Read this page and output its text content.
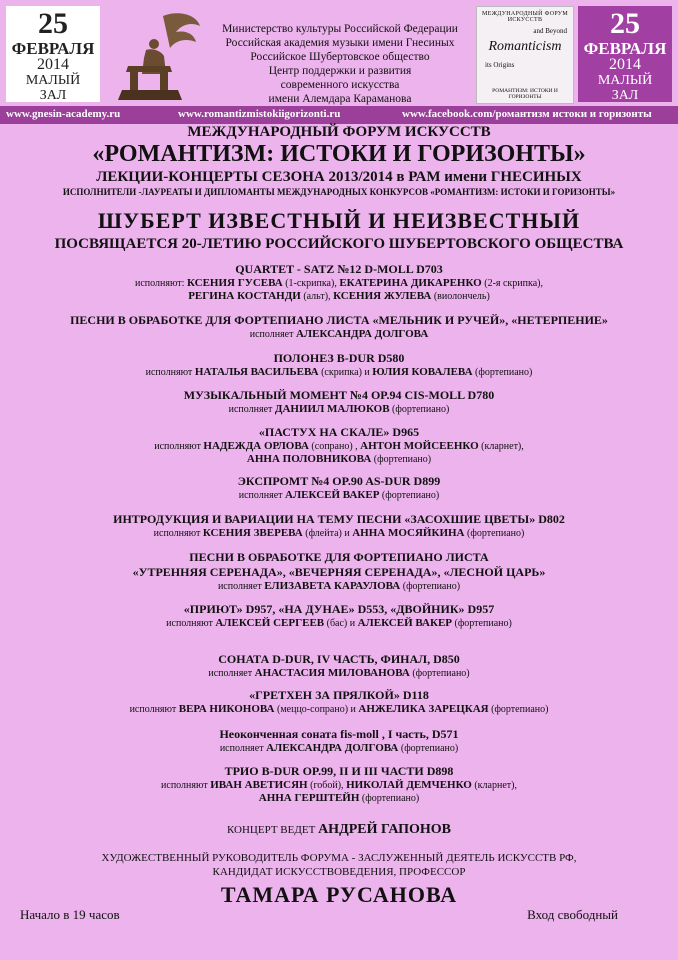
25
ФЕВРАЛЯ
2014
МАЛЫЙ
ЗАЛ
25
ФЕВРАЛЯ
2014
МАЛЫЙ
ЗАЛ
Министерство культуры Российской Федерации
Российская академия музыки имени Гнесиных
Российское Шубертовское общество
Центр поддержки и развития
современного искусства
имени Алемдара Караманова
МЕЖДУНАРОДНЫЙ ФОРУМ ИСКУССТВ
and Beyond
Romanticism
its Origins
РОМАНТИЗМ: ИСТОКИ И ГОРИЗОНТЫ
www.gnesin-academy.ru	www.romantizmistokiigorizonti.ru	www.facebook.com/романтизм истоки и горизонты
МЕЖДУНАРОДНЫЙ ФОРУМ ИСКУССТВ
«РОМАНТИЗМ: ИСТОКИ И ГОРИЗОНТЫ»
ЛЕКЦИИ-КОНЦЕРТЫ СЕЗОНА 2013/2014 в РАМ имени ГНЕСИНЫХ
ИСПОЛНИТЕЛИ -ЛАУРЕАТЫ И ДИПЛОМАНТЫ МЕЖДУНАРОДНЫХ КОНКУРСОВ «РОМАНТИЗМ: ИСТОКИ И ГОРИЗОНТЫ»
ШУБЕРТ ИЗВЕСТНЫЙ И НЕИЗВЕСТНЫЙ
ПОСВЯЩАЕТСЯ 20-ЛЕТИЮ РОССИЙСКОГО ШУБЕРТОВСКОГО ОБЩЕСТВА
QUARTET - SATZ №12 D-MOLL D703
исполняют: КСЕНИЯ ГУСЕВА (1-скрипка), ЕКАТЕРИНА ДИКАРЕНКО (2-я скрипка),
РЕГИНА КОСТАНДИ (альт), КСЕНИЯ ЖУЛЕВА (виолончель)
ПЕСНИ В ОБРАБОТКЕ ДЛЯ ФОРТЕПИАНО ЛИСТА «МЕЛЬНИК И РУЧЕЙ», «НЕТЕРПЕНИЕ»
исполняет АЛЕКСАНДРА ДОЛГОВА
ПОЛОНЕЗ B-DUR D580
исполняют НАТАЛЬЯ ВАСИЛЬЕВА (скрипка) и ЮЛИЯ КОВАЛЕВА (фортепиано)
МУЗЫКАЛЬНЫЙ МОМЕНТ №4 OP.94 CIS-MOLL D780
исполняет ДАНИИЛ МАЛЮКОВ (фортепиано)
«ПАСТУХ НА СКАЛЕ» D965
исполняют НАДЕЖДА ОРЛОВА (сопрано) , АНТОН МОЙСЕЕНКО (кларнет),
АННА ПОЛОВНИКОВА (фортепиано)
ЭКСПРОМТ №4 OP.90 AS-DUR D899
исполняет АЛЕКСЕЙ ВАКЕР (фортепиано)
ИНТРОДУКЦИЯ И ВАРИАЦИИ НА ТЕМУ ПЕСНИ «ЗАСОХШИЕ ЦВЕТЫ» D802
исполняют КСЕНИЯ ЗВЕРЕВА (флейта) и АННА МОСЯЙКИНА (фортепиано)
ПЕСНИ В ОБРАБОТКЕ ДЛЯ ФОРТЕПИАНО ЛИСТА
«УТРЕННЯЯ СЕРЕНАДА», «ВЕЧЕРНЯЯ СЕРЕНАДА», «ЛЕСНОЙ ЦАРЬ»
исполняет ЕЛИЗАВЕТА КАРАУЛОВА (фортепиано)
«ПРИЮТ» D957, «НА ДУНАЕ» D553, «ДВОЙНИК» D957
исполняют АЛЕКСЕЙ СЕРГЕЕВ (бас) и АЛЕКСЕЙ ВАКЕР (фортепиано)
СОНАТА D-DUR, IV ЧАСТЬ, ФИНАЛ, D850
исполняет АНАСТАСИЯ МИЛОВАНОВА (фортепиано)
«ГРЕТХЕН ЗА ПРЯЛКОЙ» D118
исполняют ВЕРА НИКОНОВА (меццо-сопрано) и АНЖЕЛИКА ЗАРЕЦКАЯ (фортепиано)
Неоконченная соната fis-moll , I часть, D571
исполняет АЛЕКСАНДРА ДОЛГОВА (фортепиано)
ТРИО B-DUR OP.99, II И III ЧАСТИ D898
исполняют ИВАН АВЕТИСЯН (гобой), НИКОЛАЙ ДЕМЧЕНКО (кларнет),
АННА ГЕРШТЕЙН (фортепиано)
КОНЦЕРТ ВЕДЕТ АНДРЕЙ ГАПОНОВ
ХУДОЖЕСТВЕННЫЙ РУКОВОДИТЕЛЬ ФОРУМА - ЗАСЛУЖЕННЫЙ ДЕЯТЕЛЬ ИСКУССТВ РФ,
КАНДИДАТ ИСКУССТВОВЕДЕНИЯ, ПРОФЕССОР
ТАМАРА РУСАНОВА
Начало в 19 часов	Вход свободный
